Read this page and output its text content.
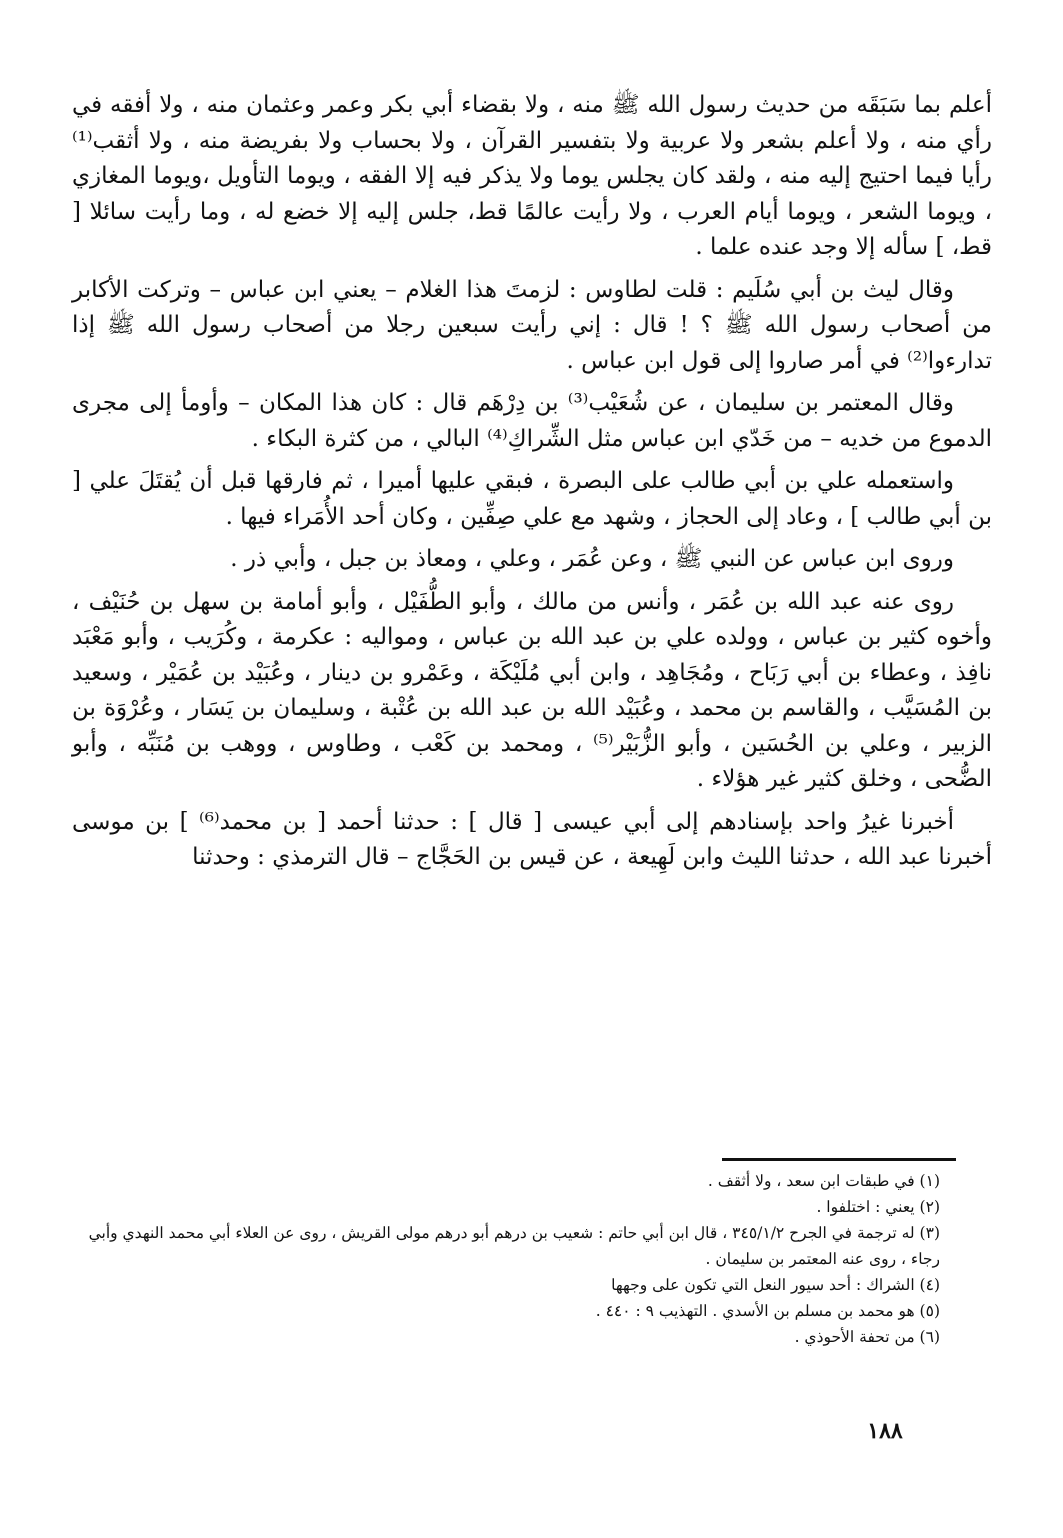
أعلم بما سَبَقَه من حديث رسول الله ﷺ منه ، ولا بقضاء أبي بكر وعمر وعثمان منه ، ولا أفقه في رأي منه ، ولا أعلم بشعر ولا عربية ولا بتفسير القرآن ، ولا بحساب ولا بفريضة منه ، ولا أثقب⁽¹⁾ رأيا فيما احتيج إليه منه ، ولقد كان يجلس يوما ولا يذكر فيه إلا الفقه ، ويوما التأويل ،ويوما المغازي ، ويوما الشعر ، ويوما أيام العرب ، ولا رأيت عالمًا قط، جلس إليه إلا خضع له ، وما رأيت سائلا [ قط، ] سأله إلا وجد عنده علما .

وقال ليث بن أبي سُلَيم : قلت لطاوس : لزمتَ هذا الغلام – يعني ابن عباس – وتركت الأكابر من أصحاب رسول الله ﷺ ؟ ! قال : إني رأيت سبعين رجلا من أصحاب رسول الله ﷺ إذا تدارءوا⁽²⁾ في أمر صاروا إلى قول ابن عباس .

وقال المعتمر بن سليمان ، عن شُعَيْب⁽³⁾ بن دِرْهَم قال : كان هذا المكان – وأومأ إلى مجرى الدموع من خديه – من خَدّي ابن عباس مثل الشِّراكِ⁽⁴⁾ البالي ، من كثرة البكاء .

واستعمله علي بن أبي طالب على البصرة ، فبقي عليها أميرا ، ثم فارقها قبل أن يُقتَلَ علي [ بن أبي طالب ] ، وعاد إلى الحجاز ، وشهد مع علي صِفِّين ، وكان أحد الأُمَراء فيها .

وروى ابن عباس عن النبي ﷺ ، وعن عُمَر ، وعلي ، ومعاذ بن جبل ، وأبي ذر .

روى عنه عبد الله بن عُمَر ، وأنس من مالك ، وأبو الطُّفَيْل ، وأبو أمامة بن سهل بن حُنَيْف ، وأخوه كثير بن عباس ، وولده علي بن عبد الله بن عباس ، ومواليه : عكرمة ، وكُرَيب ، وأبو مَعْبَد نافِذ ، وعطاء بن أبي رَبَاح ، ومُجَاهِد ، وابن أبي مُلَيْكَة ، وعَمْرو بن دينار ، وعُبَيْد بن عُمَيْر ، وسعيد بن المُسَيَّب ، والقاسم بن محمد ، وعُبَيْد الله بن عبد الله بن عُتْبة ، وسليمان بن يَسَار ، وعُرْوَة بن الزبير ، وعلي بن الحُسَين ، وأبو الزُّبَيْر⁽⁵⁾ ، ومحمد بن كَعْب ، وطاوس ، ووهب بن مُنَبِّه ، وأبو الضُّحى ، وخلق كثير غير هؤلاء .

أخبرنا غيرُ واحد بإسنادهم إلى أبي عيسى [ قال ] : حدثنا أحمد [ بن محمد⁽⁶⁾ ] بن موسى أخبرنا عبد الله ، حدثنا الليث وابن لَهِيعة ، عن قيس بن الحَجَّاج – قال الترمذي : وحدثنا

(١) في طبقات ابن سعد ، ولا أثقف .

(٢) يعني : اختلفوا .

(٣) له ترجمة في الجرح ٣٤٥/١/٢ ، قال ابن أبي حاتم : شعيب بن درهم أبو درهم مولى القريش ، روى عن العلاء أبي محمد النهدي وأبي رجاء ، روى عنه المعتمر بن سليمان .

(٤) الشراك : أحد سيور النعل التي تكون على وجهها

(٥) هو محمد بن مسلم بن الأسدي . التهذيب ٩ : ٤٤٠ .

(٦) من تحفة الأحوذي .

١٨٨
